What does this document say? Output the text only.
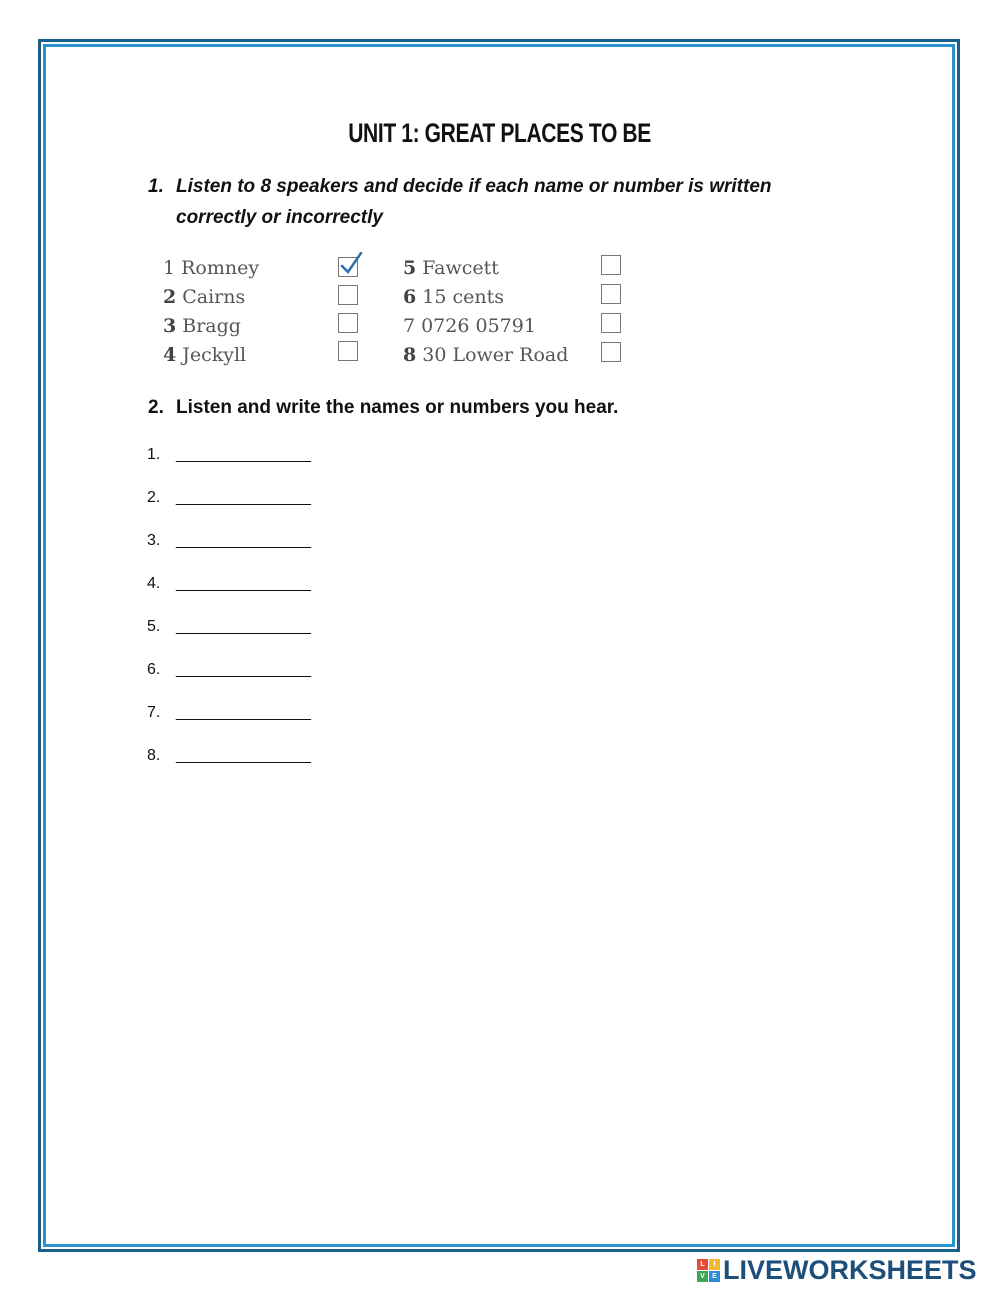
UNIT 1: GREAT PLACES TO BE
1. Listen to 8 speakers and decide if each name or number is written correctly or incorrectly
1 Romney
2 Cairns
3 Bragg
4 Jeckyll
5 Fawcett
6 15 cents
7 0726 05791
8 30 Lower Road
2. Listen and write the names or numbers you hear.
1. ________________
2. ________________
3. ________________
4. ________________
5. ________________
6. ________________
7. ________________
8. ________________
L	I
V	E LIVEWORKSHEETS
